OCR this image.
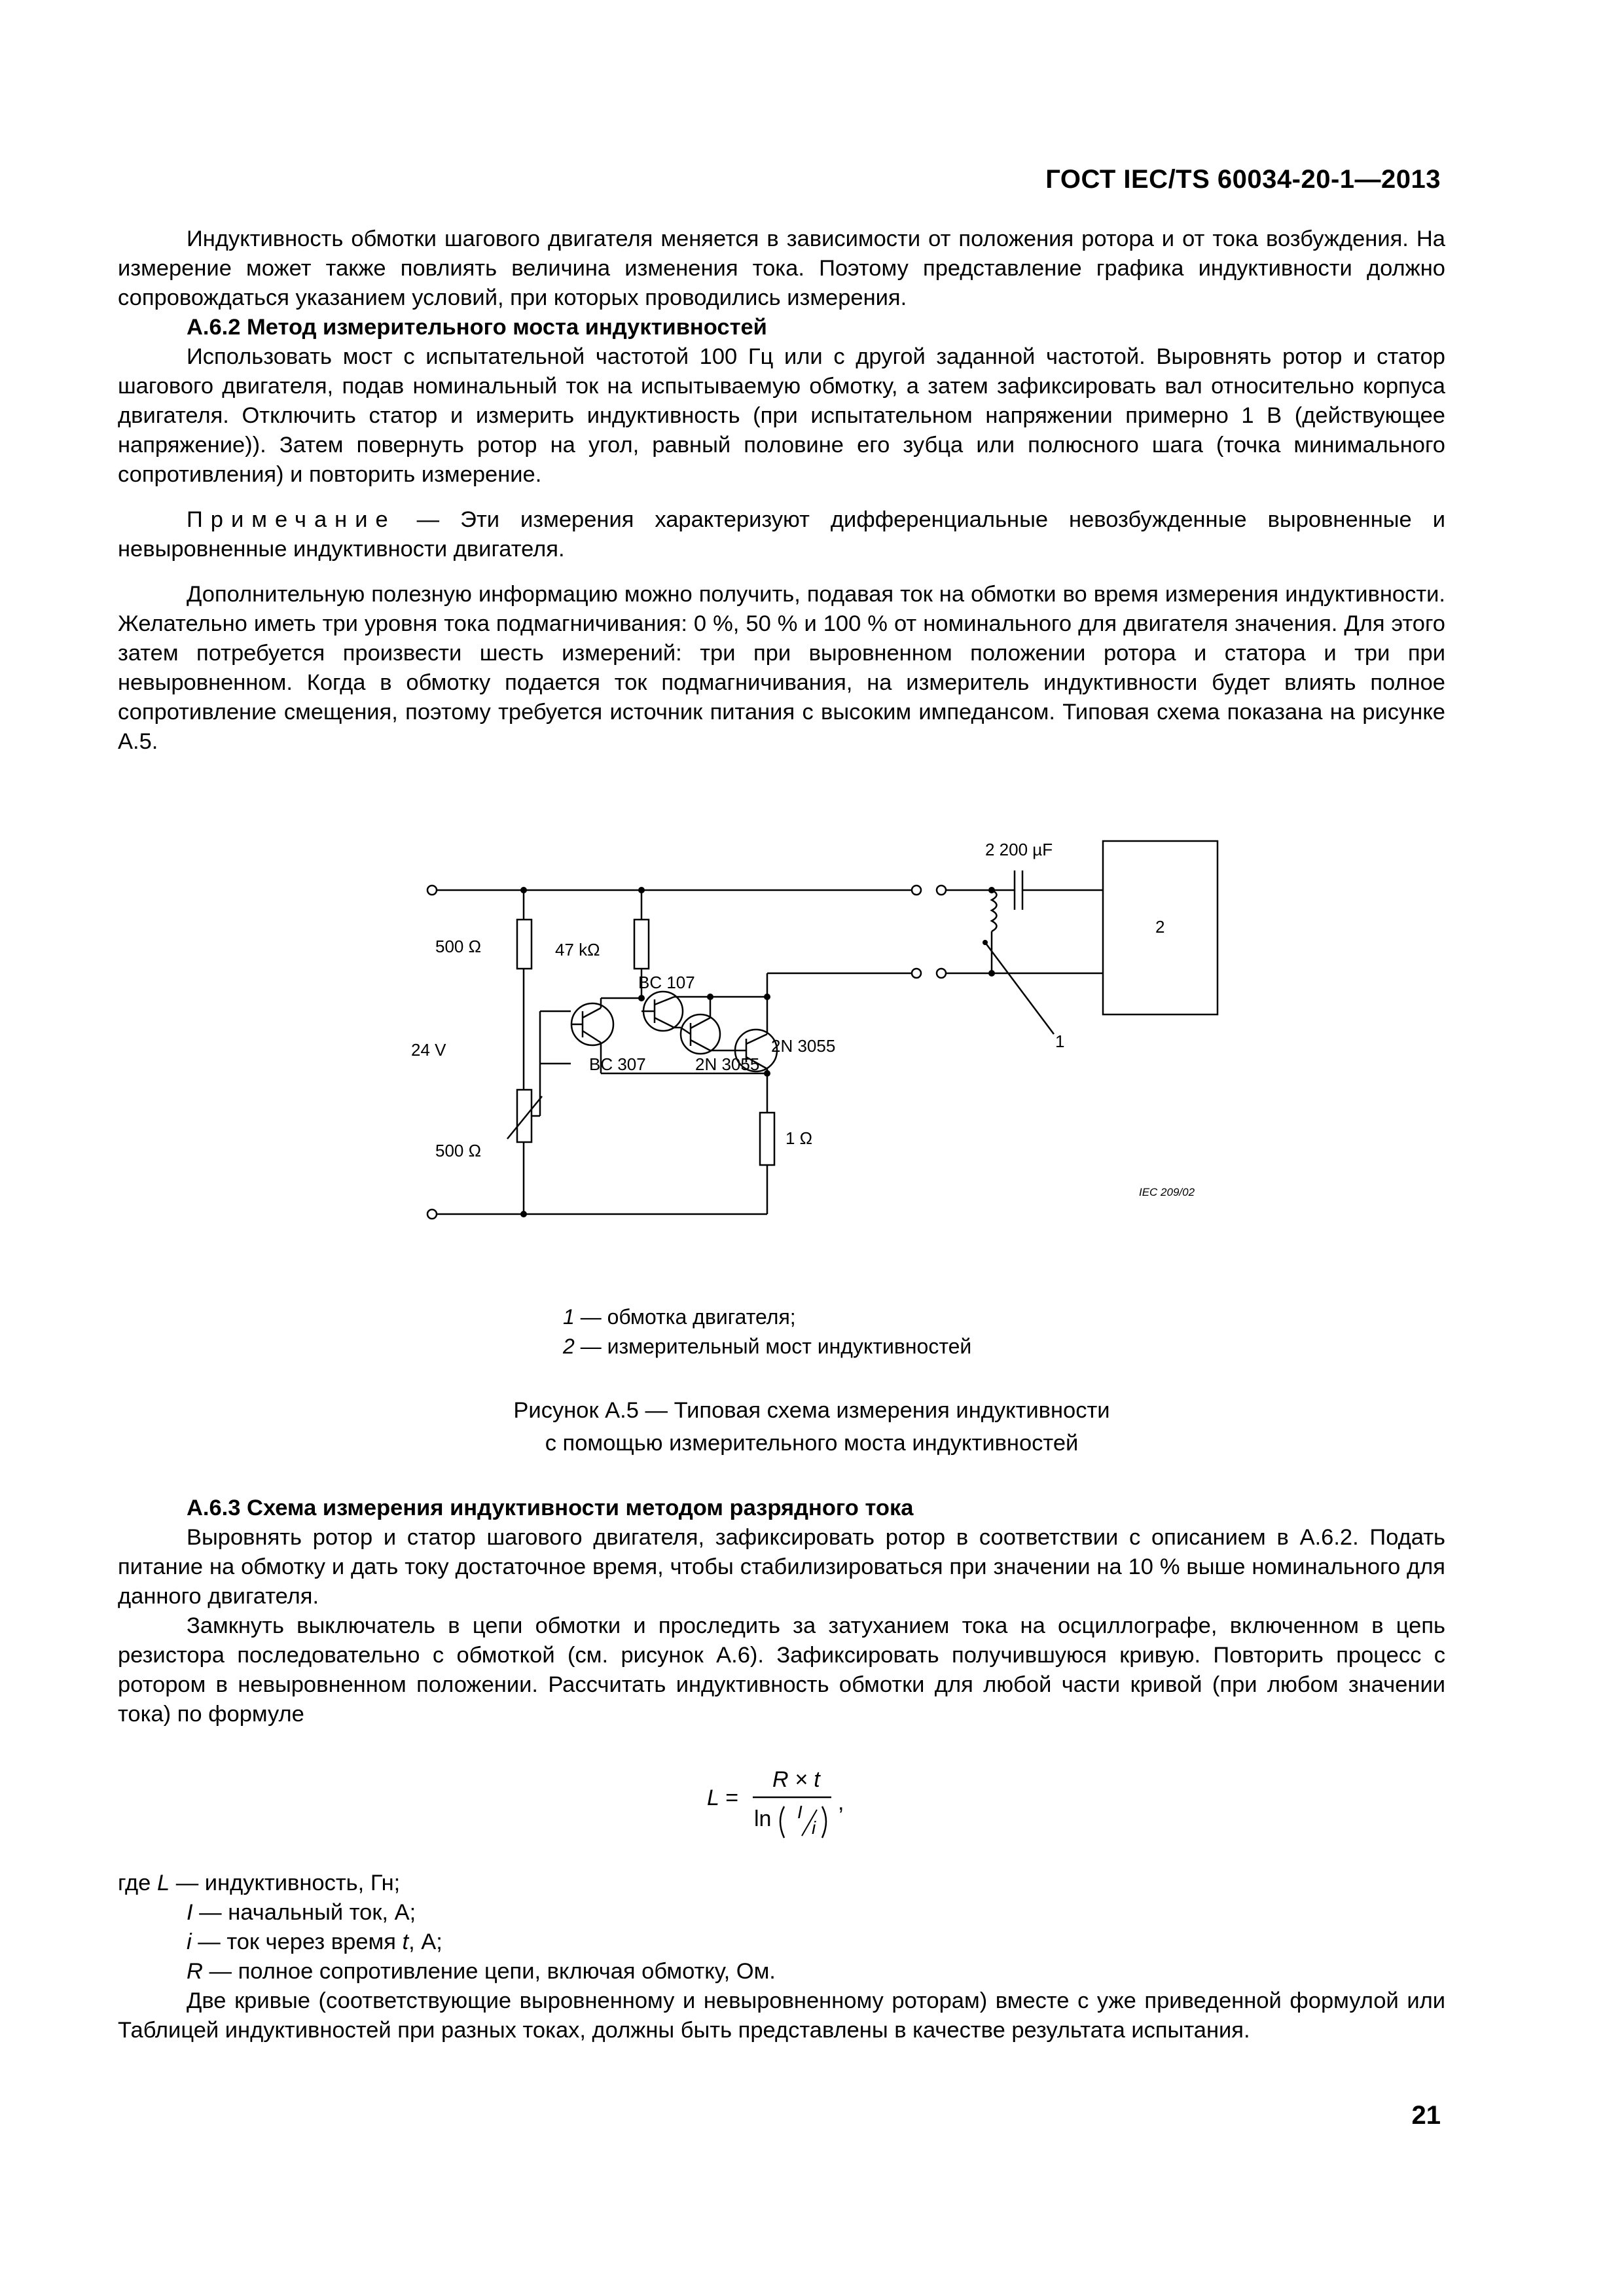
ГОСТ IEC/TS 60034-20-1—2013

Индуктивность обмотки шагового двигателя меняется в зависимости от положения ротора и от тока возбуждения. На измерение может также повлиять величина изменения тока. Поэтому представление графика индуктивности должно сопровождаться указанием условий, при которых проводились измерения.

А.6.2 Метод измерительного моста индуктивностей

Использовать мост с испытательной частотой 100 Гц или с другой заданной частотой. Выровнять ротор и статор шагового двигателя, подав номинальный ток на испытываемую обмотку, а затем зафиксировать вал относительно корпуса двигателя. Отключить статор и измерить индуктивность (при испытательном напряжении примерно 1 В (действующее напряжение)). Затем повернуть ротор на угол, равный половине его зубца или полюсного шага (точка минимального сопротивления) и повторить измерение.

Примечание — Эти измерения характеризуют дифференциальные невозбужденные выровненные и невыровненные индуктивности двигателя.

Дополнительную полезную информацию можно получить, подавая ток на обмотки во время измерения индуктивности. Желательно иметь три уровня тока подмагничивания: 0 %, 50 % и 100 % от номинального для двигателя значения. Для этого затем потребуется произвести шесть измерений: три при выровненном положении ротора и статора и три при невыровненном. Когда в обмотку подается ток подмагничивания, на измеритель индуктивности будет влиять полное сопротивление смещения, поэтому требуется источник питания с высоким импедансом. Типовая схема показана на рисунке А.5.

2 200 µF
500 Ω	47 kΩ
BC 107
24 V
BC 307	2N 3055
2N 3055
500 Ω
1 Ω
2
1
IEC 209/02
1 — обмотка двигателя;
2 — измерительный мост индуктивностей
Рисунок А.5 — Типовая схема измерения индуктивности
с помощью измерительного моста индуктивностей
А.6.3 Схема измерения индуктивности методом разрядного тока

Выровнять ротор и статор шагового двигателя, зафиксировать ротор в соответствии с описанием в А.6.2. Подать питание на обмотку и дать току достаточное время, чтобы стабилизироваться при значении на 10 % выше номинального для данного двигателя.

Замкнуть выключатель в цепи обмотки и проследить за затуханием тока на осциллографе, включенном в цепь резистора последовательно с обмоткой (см. рисунок А.6). Зафиксировать получившуюся кривую. Повторить процесс с ротором в невыровненном положении. Рассчитать индуктивность обмотки для любой части кривой (при любом значении тока) по формуле

L =
R × t
ln I
i
,

где L — индуктивность, Гн;

I — начальный ток, А;

i — ток через время t, А;

R — полное сопротивление цепи, включая обмотку, Ом.

Две кривые (соответствующие выровненному и невыровненному роторам) вместе с уже приведенной формулой или Таблицей индуктивностей при разных токах, должны быть представлены в качестве результата испытания.

21
